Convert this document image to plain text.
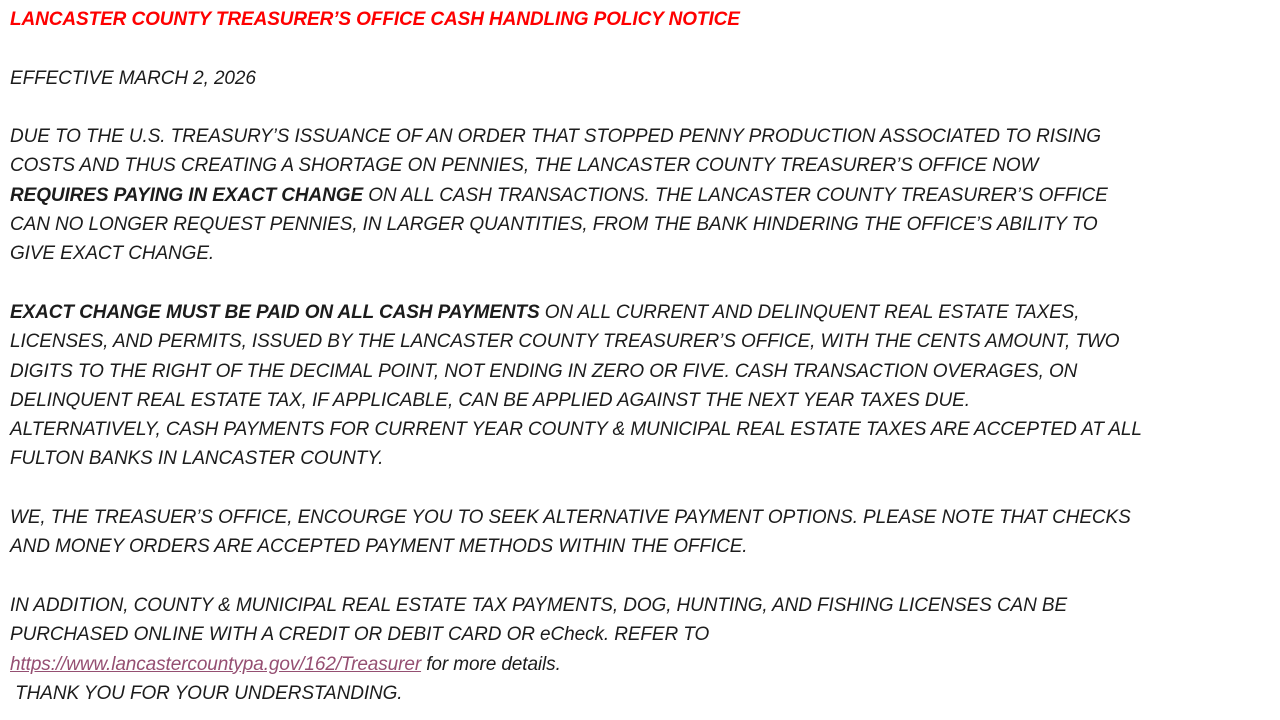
LANCASTER COUNTY TREASURER’S OFFICE CASH HANDLING POLICY NOTICE
EFFECTIVE MARCH 2, 2026
DUE TO THE U.S. TREASURY’S ISSUANCE OF AN ORDER THAT STOPPED PENNY PRODUCTION ASSOCIATED TO RISING
COSTS AND THUS CREATING A SHORTAGE ON PENNIES, THE LANCASTER COUNTY TREASURER’S OFFICE NOW
REQUIRES PAYING IN EXACT CHANGE ON ALL CASH TRANSACTIONS. THE LANCASTER COUNTY TREASURER’S OFFICE
CAN NO LONGER REQUEST PENNIES, IN LARGER QUANTITIES, FROM THE BANK HINDERING THE OFFICE’S ABILITY TO
GIVE EXACT CHANGE.
EXACT CHANGE MUST BE PAID ON ALL CASH PAYMENTS ON ALL CURRENT AND DELINQUENT REAL ESTATE TAXES,
LICENSES, AND PERMITS, ISSUED BY THE LANCASTER COUNTY TREASURER’S OFFICE, WITH THE CENTS AMOUNT, TWO
DIGITS TO THE RIGHT OF THE DECIMAL POINT, NOT ENDING IN ZERO OR FIVE. CASH TRANSACTION OVERAGES, ON
DELINQUENT REAL ESTATE TAX, IF APPLICABLE, CAN BE APPLIED AGAINST THE NEXT YEAR TAXES DUE.
ALTERNATIVELY, CASH PAYMENTS FOR CURRENT YEAR COUNTY & MUNICIPAL REAL ESTATE TAXES ARE ACCEPTED AT ALL
FULTON BANKS IN LANCASTER COUNTY.
WE, THE TREASUER’S OFFICE, ENCOURGE YOU TO SEEK ALTERNATIVE PAYMENT OPTIONS. PLEASE NOTE THAT CHECKS
AND MONEY ORDERS ARE ACCEPTED PAYMENT METHODS WITHIN THE OFFICE.
IN ADDITION, COUNTY & MUNICIPAL REAL ESTATE TAX PAYMENTS, DOG, HUNTING, AND FISHING LICENSES CAN BE
PURCHASED ONLINE WITH A CREDIT OR DEBIT CARD OR eCheck. REFER TO
https://www.lancastercountypa.gov/162/Treasurer for more details.
THANK YOU FOR YOUR UNDERSTANDING.
